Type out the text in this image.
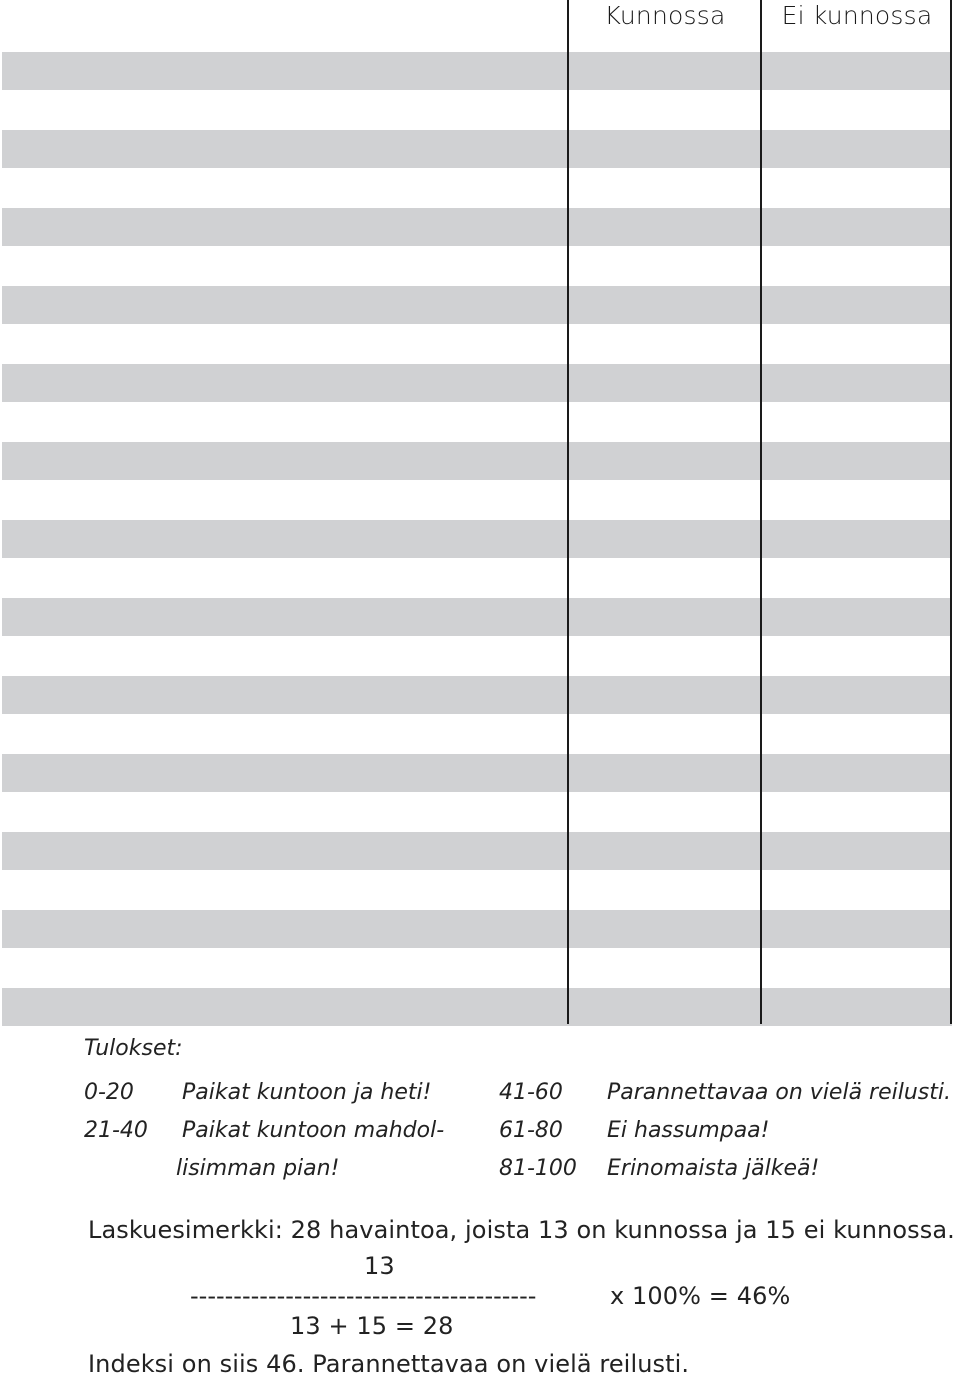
Kunnossa	Ei kunnossa
Tulokset:
0-20 Paikat kuntoon ja heti!
21-40 Paikat kuntoon mahdol-
lisimman pian!
41-60 Parannettavaa on vielä reilusti.
61-80 Ei hassumpaa!
81-100 Erinomaista jälkeä!
Laskuesimerkki: 28 havaintoa, joista 13 on kunnossa ja 15 ei kunnossa.
13
----------------------------------------	x 100% = 46%
13 + 15 = 28
Indeksi on siis 46. Parannettavaa on vielä reilusti.
